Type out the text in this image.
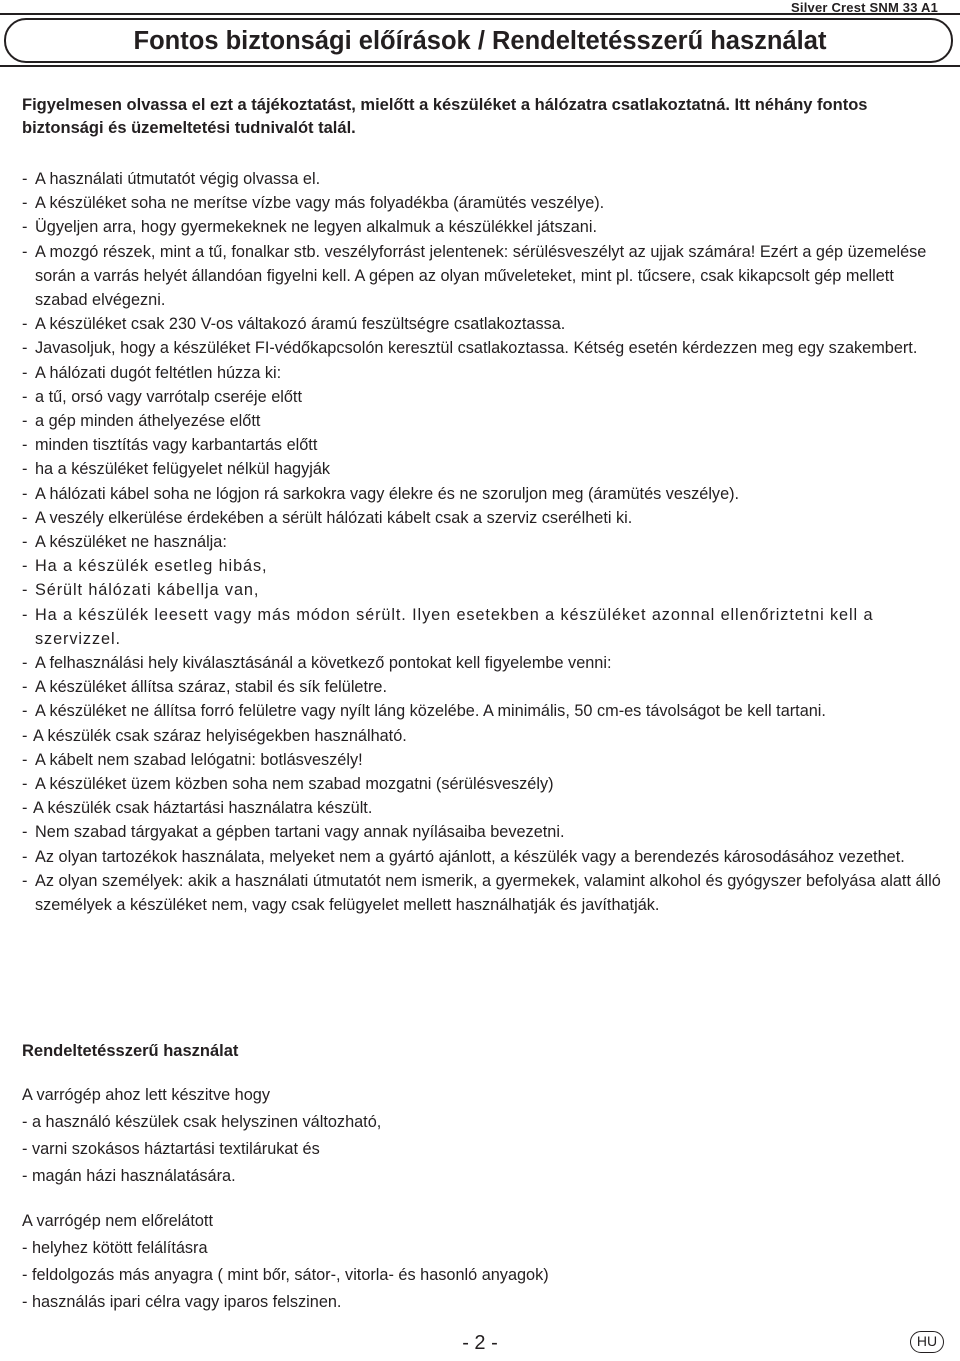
Silver Crest SNM 33 A1
Fontos biztonsági előírások / Rendeltetésszerű használat
Figyelmesen olvassa el ezt a tájékoztatást, mielőtt a készüléket a hálózatra csatlakoztatná. Itt néhány fontos biztonsági és üzemeltetési tudnivalót talál.
- A használati útmutatót végig olvassa el.
- A készüléket soha ne merítse vízbe vagy más folyadékba (áramütés veszélye).
- Ügyeljen arra, hogy gyermekeknek ne legyen alkalmuk a készülékkel játszani.
- A mozgó részek, mint a tű, fonalkar stb. veszélyforrást jelentenek: sérülésveszélyt az ujjak számára! Ezért a gép üzemelése során a varrás helyét állandóan figyelni kell. A gépen az olyan műveleteket, mint pl. tűcsere, csak kikapcsolt gép mellett szabad elvégezni.
- A készüléket csak 230 V-os váltakozó áramú feszültségre csatlakoztassa.
- Javasoljuk, hogy a készüléket FI-védőkapcsolón keresztül csatlakoztassa. Kétség esetén kérdezzen meg egy szakembert.
- A hálózati dugót feltétlen húzza ki:
- a tű, orsó vagy varrótalp cseréje előtt
- a gép minden áthelyezése előtt
- minden tisztítás vagy karbantartás előtt
- ha a készüléket felügyelet nélkül hagyják
- A hálózati kábel soha ne lógjon rá sarkokra vagy élekre és ne szoruljon meg (áramütés veszélye).
- A veszély elkerülése érdekében a sérült hálózati kábelt csak a szerviz cserélheti ki.
- A készüléket ne használja:
- Ha a készülék esetleg hibás,
- Sérült hálózati kábellja van,
- Ha a készülék leesett vagy más módon sérült. Ilyen esetekben a készüléket azonnal ellenőriztetni kell a szervizzel.
- A felhasználási hely kiválasztásánál a következő pontokat kell figyelembe venni:
- A készüléket állítsa száraz, stabil és sík felületre.
- A készüléket ne állítsa forró felületre vagy nyílt láng közelébe. A minimális, 50 cm-es távolságot be kell tartani.
- A készülék csak száraz helyiségekben használható.
- A kábelt nem szabad lelógatni: botlásveszély!
- A készüléket üzem közben soha nem szabad mozgatni (sérülésveszély)
- A készülék csak háztartási használatra készült.
- Nem szabad tárgyakat a gépben tartani vagy annak nyílásaiba bevezetni.
- Az olyan tartozékok használata, melyeket nem a gyártó ajánlott, a készülék vagy a berendezés károsodásához vezethet.
- Az olyan személyek: akik a használati útmutatót nem ismerik, a gyermekek, valamint alkohol és gyógyszer befolyása alatt álló személyek a készüléket nem, vagy csak felügyelet mellett használhatják és javíthatják.
Rendeltetésszerű használat
A varrógép ahoz lett készitve hogy
- a használó készülek csak helyszinen változható,
- varni szokásos háztartási textilárukat és
- magán házi használatására.
A varrógép nem előrelátott
- helyhez kötött felálításra
- feldolgozás más anyagra ( mint bőr, sátor-, vitorla- és hasonló anyagok)
- használás ipari célra vagy iparos felszinen.
- 2 -	HU
